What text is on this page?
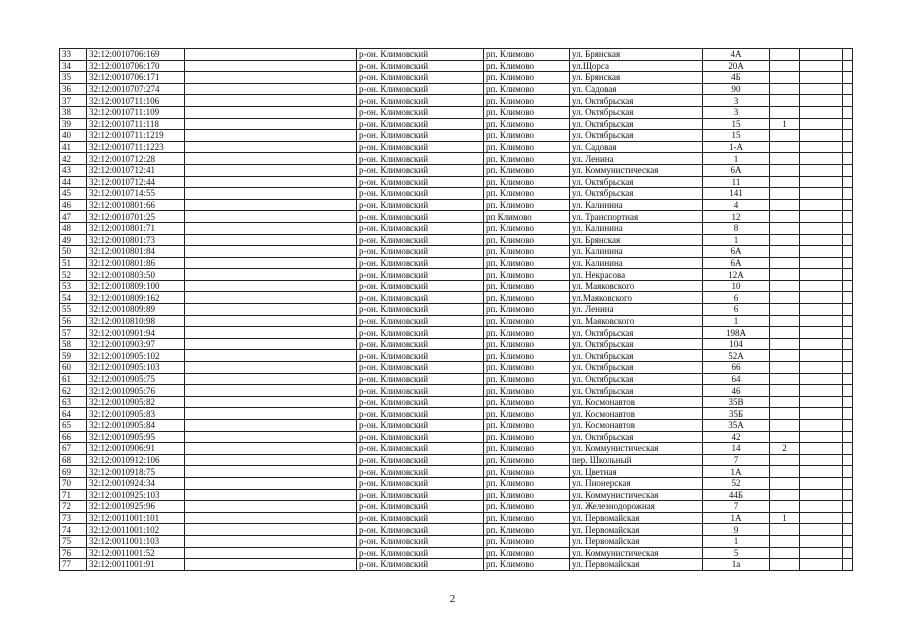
33	32:12:0010706:169		р-он. Климовский	рп. Климово	ул. Брянская	4А			
34	32:12:0010706:170		р-он. Климовский	рп. Климово	ул.Щорса	20А			
35	32:12:0010706:171		р-он. Климовский	рп. Климово	ул. Брянская	4Б			
36	32:12:0010707:274		р-он. Климовский	рп. Климово	ул. Садовая	90			
37	32:12:0010711:106		р-он. Климовский	рп. Климово	ул. Октябрьская	3			
38	32:12:0010711:109		р-он. Климовский	рп. Климово	ул. Октябрьская	3			
39	32:12:0010711:118		р-он. Климовский	рп. Климово	ул. Октябрьская	15	1		
40	32:12:0010711:1219		р-он. Климовский	рп. Климово	ул. Октябрьская	15			
41	32:12:0010711:1223		р-он. Климовский	рп. Климово	ул. Садовая	1-А			
42	32:12:0010712:28		р-он. Климовский	рп. Климово	ул. Ленина	1			
43	32:12:0010712:41		р-он. Климовский	рп. Климово	ул. Коммунистическая	6А			
44	32:12:0010712:44		р-он. Климовский	рп. Климово	ул. Октябрьская	11			
45	32:12:0010714:55		р-он. Климовский	рп. Климово	ул. Октябрьская	141			
46	32:12:0010801:66		р-он. Климовский	рп. Климово	ул. Калинина	4			
47	32:12:0010701:25		р-он. Климовский	рп Климово	ул. Транспортная	12			
48	32:12:0010801:71		р-он. Климовский	рп. Климово	ул. Калинина	8			
49	32:12:0010801:73		р-он. Климовский	рп. Климово	ул. Брянская	1			
50	32:12:0010801:84		р-он. Климовский	рп. Климово	ул. Калинина	6А			
51	32:12:0010801:86		р-он. Климовский	рп. Климово	ул. Калинина	6А			
52	32:12:0010803:50		р-он. Климовский	рп. Климово	ул. Некрасова	12А			
53	32:12:0010809:100		р-он. Климовский	рп. Климово	ул. Маяковского	10			
54	32:12:0010809:162		р-он. Климовский	рп. Климово	ул.Маяковского	6			
55	32:12:0010809:89		р-он. Климовский	рп. Климово	ул. Ленина	6			
56	32:12:0010810:98		р-он. Климовский	рп. Климово	ул. Маяковского	1			
57	32:12:0010901:94		р-он. Климовский	рп. Климово	ул. Октябрьская	198А			
58	32:12:0010903:97		р-он. Климовский	рп. Климово	ул. Октябрьская	104			
59	32:12:0010905:102		р-он. Климовский	рп. Климово	ул. Октябрьская	52А			
60	32:12:0010905:103		р-он. Климовский	рп. Климово	ул. Октябрьская	66			
61	32:12:0010905:75		р-он. Климовский	рп. Климово	ул. Октябрьская	64			
62	32:12:0010905:76		р-он. Климовский	рп. Климово	ул. Октябрьская	46			
63	32:12:0010905:82		р-он. Климовский	рп. Климово	ул. Космонавтов	35В			
64	32:12:0010905:83		р-он. Климовский	рп. Климово	ул. Космонавтов	35Б			
65	32:12:0010905:84		р-он. Климовский	рп. Климово	ул. Космонавтов	35А			
66	32:12:0010905:95		р-он. Климовский	рп. Климово	ул. Октябрьская	42			
67	32:12:0010906:91		р-он. Климовский	рп. Климово	ул. Коммунистическая	14	2		
68	32:12:0010912:106		р-он. Климовский	рп. Климово	пер. Школьный	7			
69	32:12:0010918:75		р-он. Климовский	рп. Климово	ул. Цветная	1А			
70	32:12:0010924:34		р-он. Климовский	рп. Климово	ул. Пионерская	52			
71	32:12:0010925:103		р-он. Климовский	рп. Климово	ул. Коммунистическая	44Б			
72	32:12:0010925:96		р-он. Климовский	рп. Климово	ул. Железнодорожная	7			
73	32:12:0011001:101		р-он. Климовский	рп. Климово	ул. Первомайская	1А	1		
74	32:12:0011001:102		р-он. Климовский	рп. Климово	ул. Первомайская	9			
75	32:12:0011001:103		р-он. Климовский	рп. Климово	ул. Первомайская	1			
76	32:12:0011001:52		р-он. Климовский	рп. Климово	ул. Коммунистическая	5			
77	32:12:0011001:91		р-он. Климовский	рп. Климово	ул. Первомайская	1а			
2
